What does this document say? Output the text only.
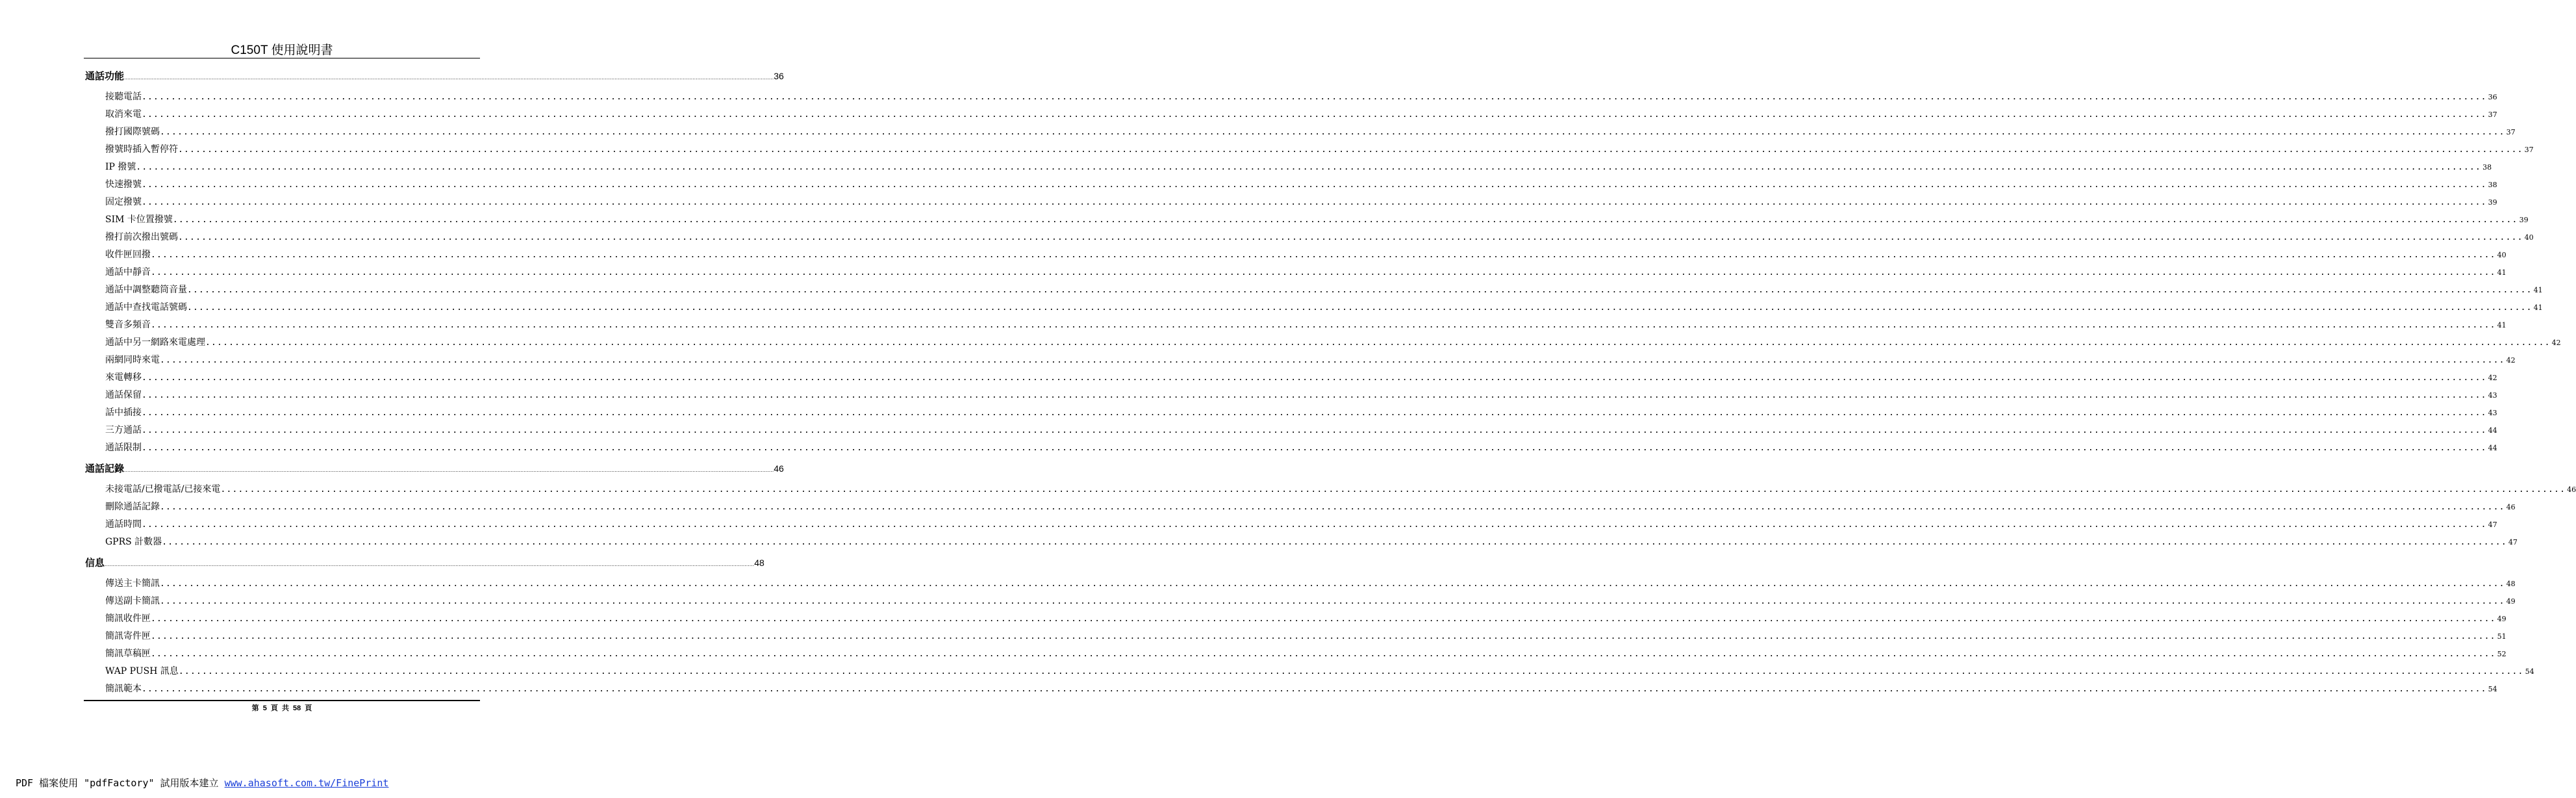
C150T 使用說明書
通話功能 ................................................................................................................................................................................................................................................................................................................................................................................................................ 36
接聽電話 ................................................................................................................................................................................................................................................................................................................................................................................................................ 36
取消來電 ................................................................................................................................................................................................................................................................................................................................................................................................................ 37
撥打國際號碼 ................................................................................................................................................................................................................................................................................................................................................................................................................ 37
撥號時插入暫停符 ................................................................................................................................................................................................................................................................................................................................................................................................................ 37
IP 撥號 ................................................................................................................................................................................................................................................................................................................................................................................................................ 38
快速撥號 ................................................................................................................................................................................................................................................................................................................................................................................................................ 38
固定撥號 ................................................................................................................................................................................................................................................................................................................................................................................................................ 39
SIM 卡位置撥號 ................................................................................................................................................................................................................................................................................................................................................................................................................ 39
撥打前次撥出號碼 ................................................................................................................................................................................................................................................................................................................................................................................................................ 40
收件匣回撥 ................................................................................................................................................................................................................................................................................................................................................................................................................ 40
通話中靜音 ................................................................................................................................................................................................................................................................................................................................................................................................................ 41
通話中調整聽筒音量 ................................................................................................................................................................................................................................................................................................................................................................................................................ 41
通話中查找電話號碼 ................................................................................................................................................................................................................................................................................................................................................................................................................ 41
雙音多頻音 ................................................................................................................................................................................................................................................................................................................................................................................................................ 41
通話中另一網路來電處理 ................................................................................................................................................................................................................................................................................................................................................................................................................ 42
兩網同時來電 ................................................................................................................................................................................................................................................................................................................................................................................................................ 42
來電轉移 ................................................................................................................................................................................................................................................................................................................................................................................................................ 42
通話保留 ................................................................................................................................................................................................................................................................................................................................................................................................................ 43
話中插接 ................................................................................................................................................................................................................................................................................................................................................................................................................ 43
三方通話 ................................................................................................................................................................................................................................................................................................................................................................................................................ 44
通話限制 ................................................................................................................................................................................................................................................................................................................................................................................................................ 44
通話記錄 ................................................................................................................................................................................................................................................................................................................................................................................................................ 46
未接電話/已撥電話/已接來電 ................................................................................................................................................................................................................................................................................................................................................................................................................ 46
刪除通話記錄 ................................................................................................................................................................................................................................................................................................................................................................................................................ 46
通話時間 ................................................................................................................................................................................................................................................................................................................................................................................................................ 47
GPRS 計數器 ................................................................................................................................................................................................................................................................................................................................................................................................................ 47
信息 ................................................................................................................................................................................................................................................................................................................................................................................................................ 48
傳送主卡簡訊 ................................................................................................................................................................................................................................................................................................................................................................................................................ 48
傳送副卡簡訊 ................................................................................................................................................................................................................................................................................................................................................................................................................ 49
簡訊收件匣 ................................................................................................................................................................................................................................................................................................................................................................................................................ 49
簡訊寄件匣 ................................................................................................................................................................................................................................................................................................................................................................................................................ 51
簡訊草稿匣 ................................................................................................................................................................................................................................................................................................................................................................................................................ 52
WAP PUSH 訊息 ................................................................................................................................................................................................................................................................................................................................................................................................................ 54
簡訊範本 ................................................................................................................................................................................................................................................................................................................................................................................................................ 54
第 5 頁 共 58 頁
PDF 檔案使用 "pdfFactory" 試用版本建立 www.ahasoft.com.tw/FinePrint
